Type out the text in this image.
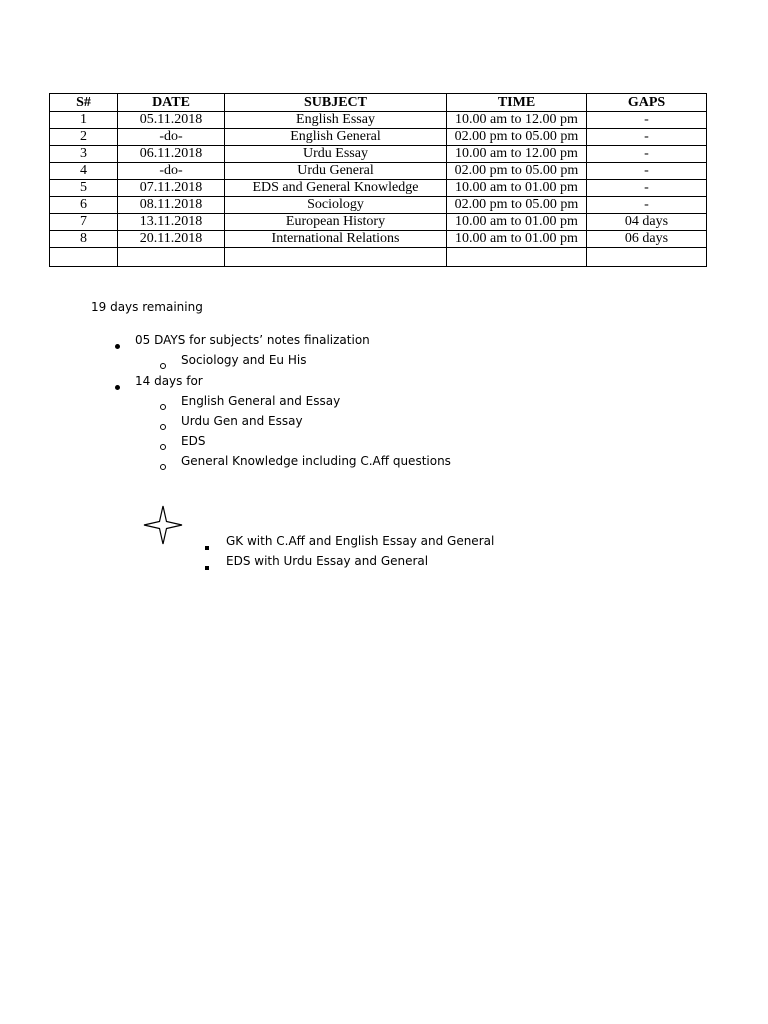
S#	DATE	SUBJECT	TIME	GAPS
1	05.11.2018	English Essay	10.00 am to 12.00 pm	-
2	-do-	English General	02.00 pm to 05.00 pm	-
3	06.11.2018	Urdu Essay	10.00 am to 12.00 pm	-
4	-do-	Urdu General	02.00 pm to 05.00 pm	-
5	07.11.2018	EDS and General Knowledge	10.00 am to 01.00 pm	-
6	08.11.2018	Sociology	02.00 pm to 05.00 pm	-
7	13.11.2018	European History	10.00 am to 01.00 pm	04 days
8	20.11.2018	International Relations	10.00 am to 01.00 pm	06 days

19 days remaining
05 DAYS for subjects’ notes finalization
Sociology and Eu His
14 days for
English General and Essay
Urdu Gen and Essay
EDS
General Knowledge including C.Aff questions
GK with C.Aff and English Essay and General
EDS with Urdu Essay and General
